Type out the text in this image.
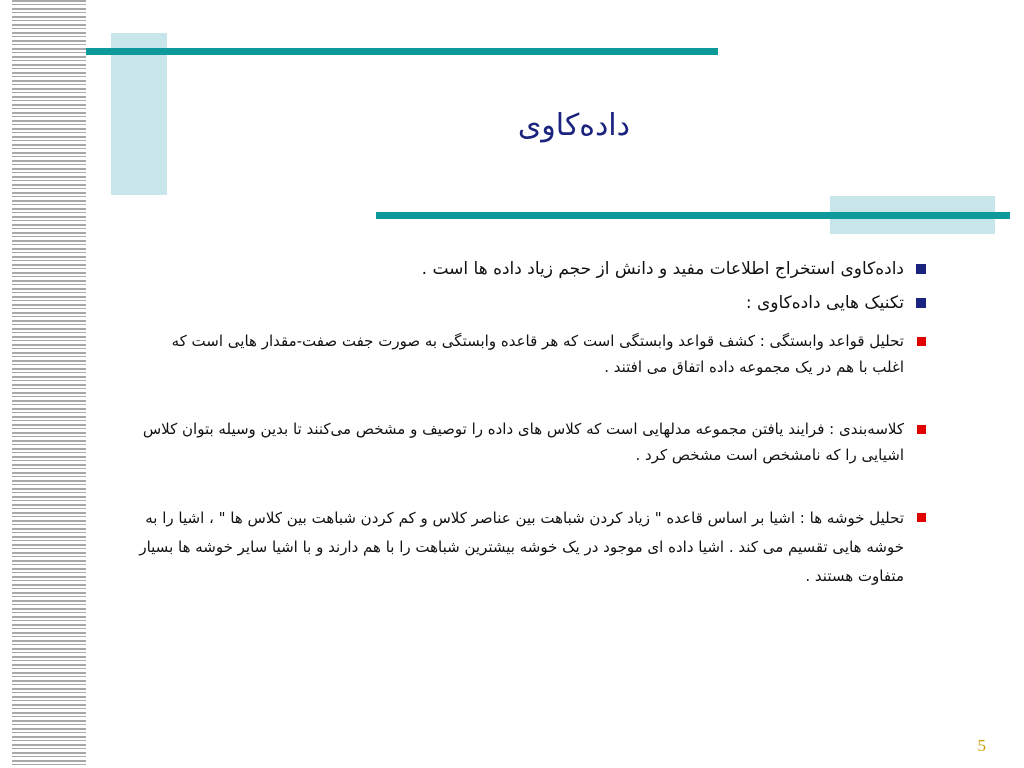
داده‌کاوی
داده‌کاوی استخراج اطلاعات مفید و دانش از حجم زیاد داده ها است .
تکنیک هایی داده‌کاوی :
تحلیل قواعد وابستگی : کشف قواعد وابستگی است که هر قاعده وابستگی به صورت جفت صفت-مقدار هایی است که اغلب با هم در یک مجموعه داده اتفاق می افتند .
کلاسه‌بندی : فرایند یافتن مجموعه مدلهایی است که کلاس های داده را توصیف و مشخص می‌کنند تا بدین وسیله بتوان کلاس اشیایی را که نامشخص است مشخص کرد .
تحلیل خوشه ها : اشیا بر اساس قاعده " زیاد کردن شباهت بین عناصر کلاس و کم کردن شباهت بین کلاس ها " ، اشیا را به خوشه هایی تقسیم می کند . اشیا داده ای موجود در یک خوشه بیشترین شباهت را با هم دارند و با اشیا سایر خوشه ها بسیار متفاوت هستند .
5
